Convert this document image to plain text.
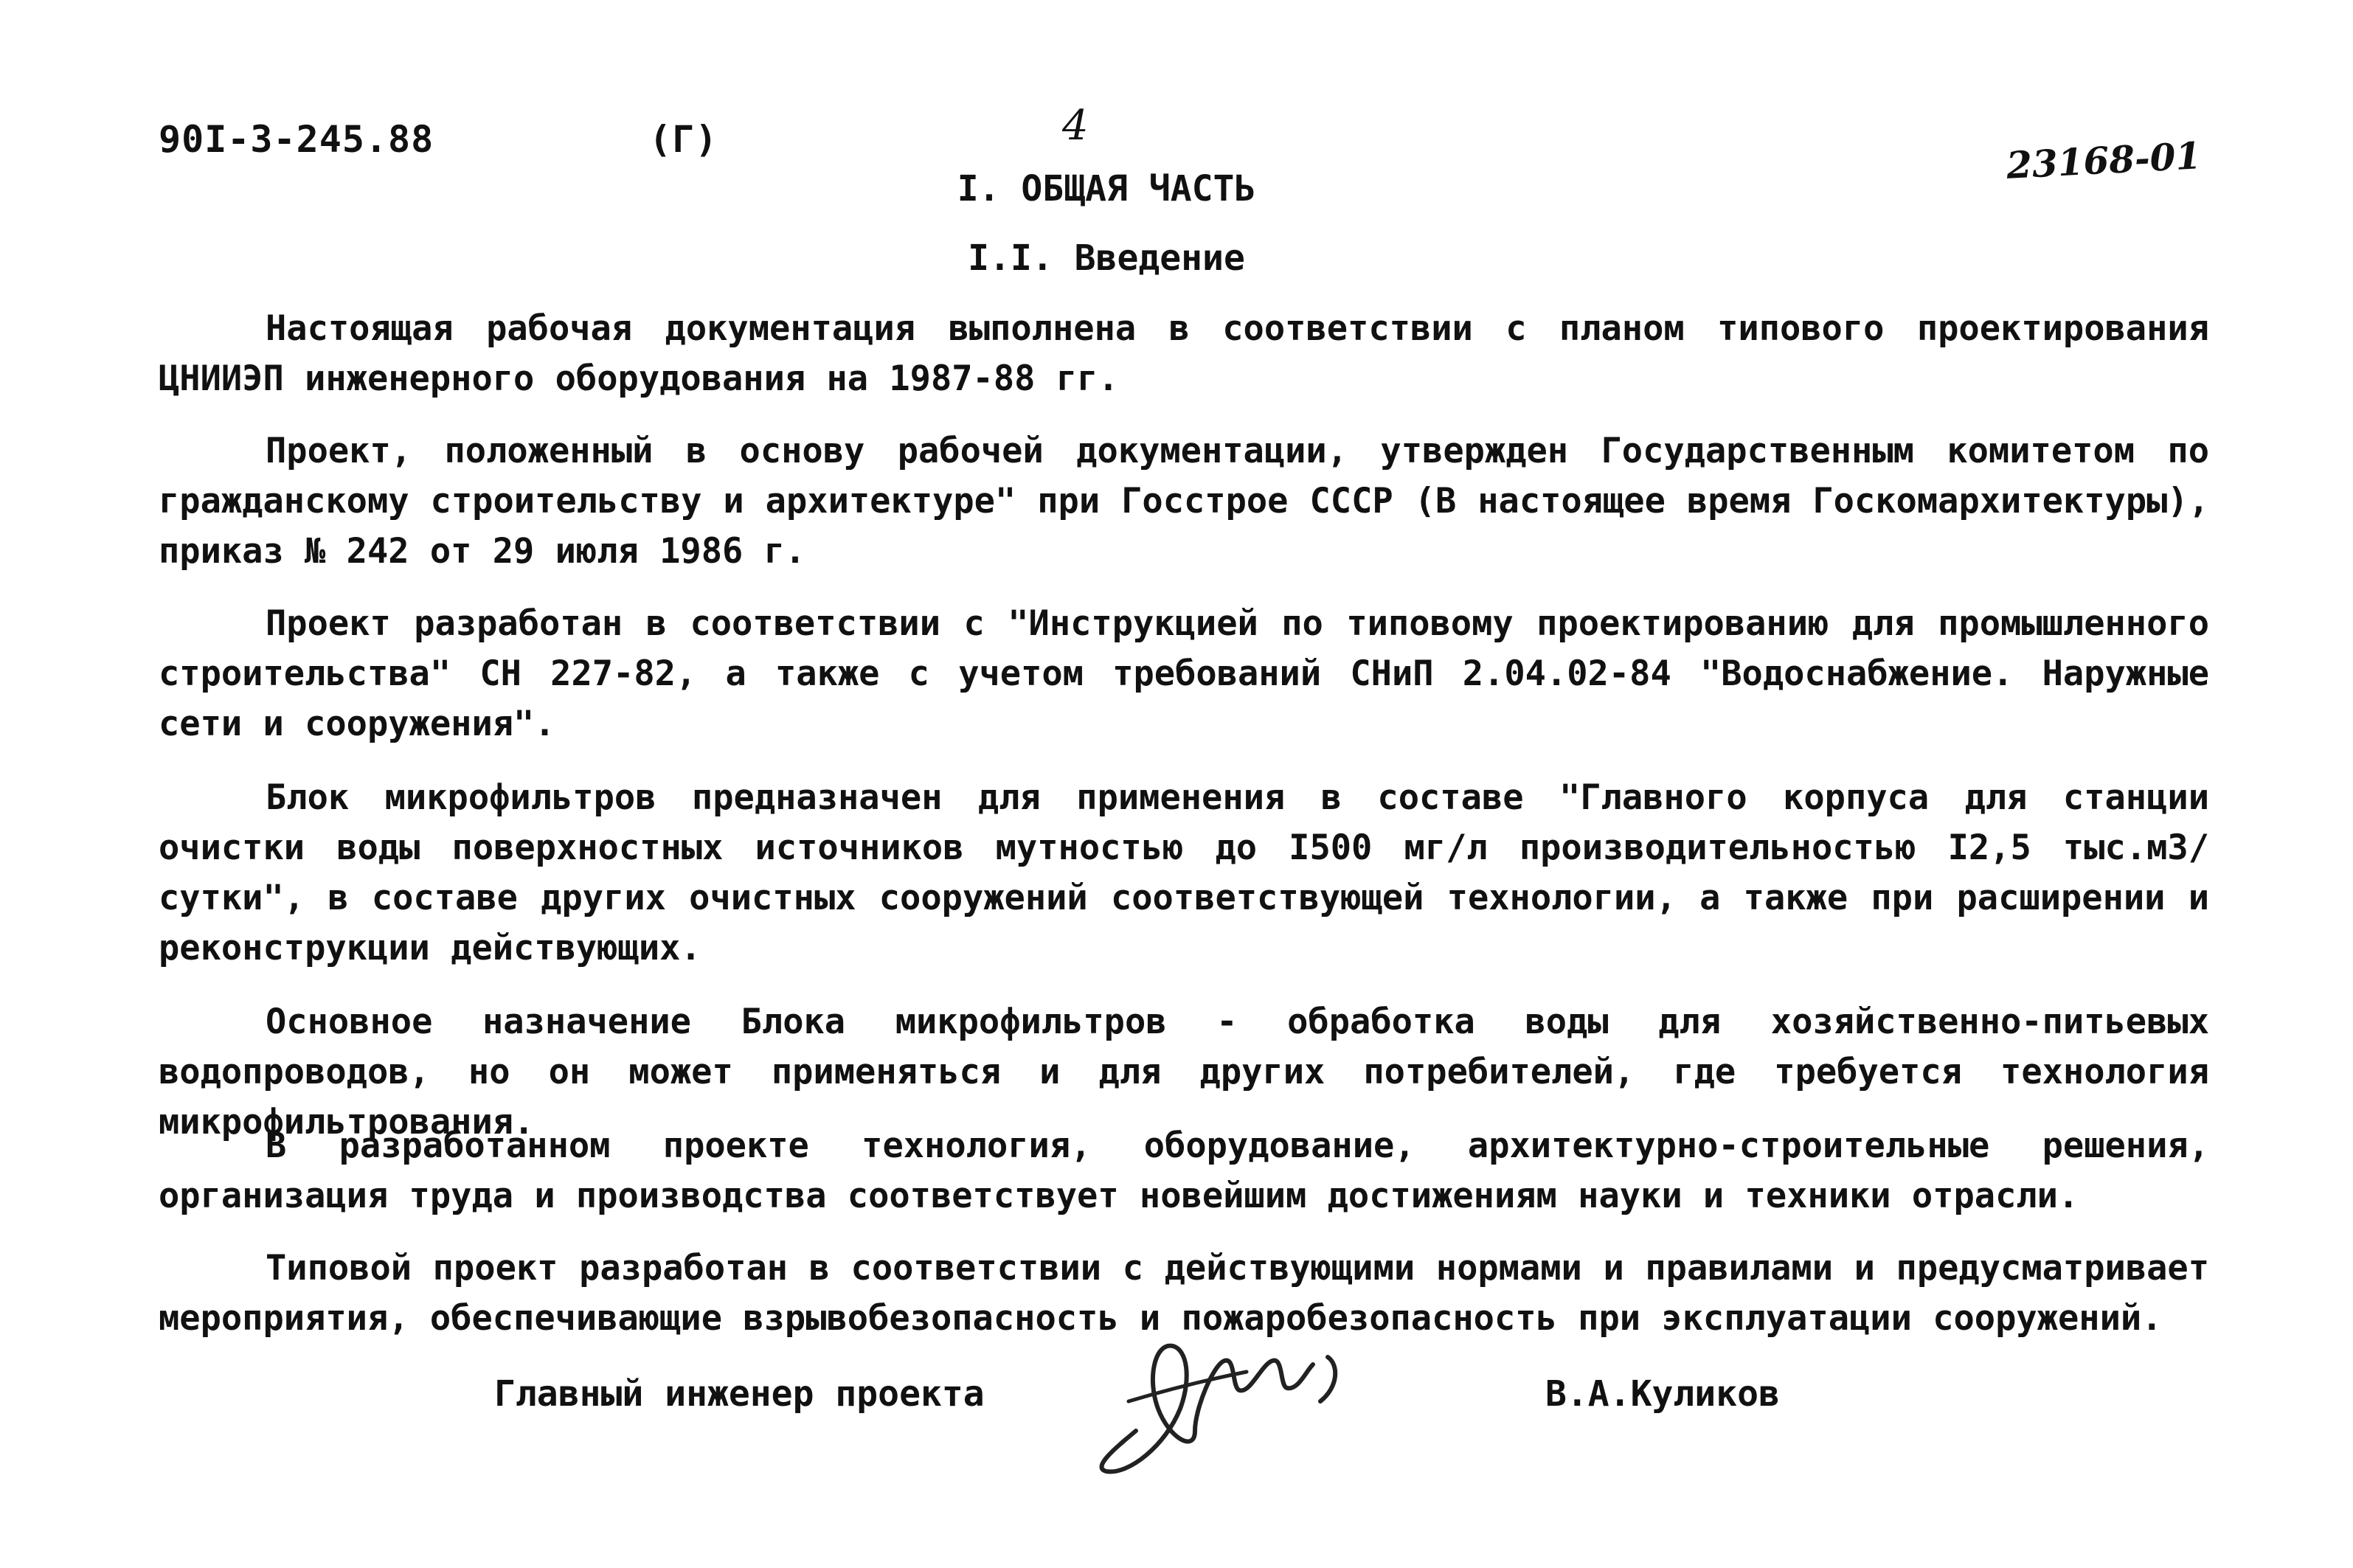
90I-3-245.88	(Г)	4
23168-01
I. ОБЩАЯ ЧАСТЬ
I.I. Введение

Настоящая рабочая документация выполнена в соответствии с планом типового проектирования ЦНИИЭП инженерного оборудования на 1987-88 гг.

Проект, положенный в основу рабочей документации, утвержден Государственным комитетом по гражданскому строительству и архитектуре" при Госстрое СССР (В настоящее время Госкомархитектуры), приказ № 242 от 29 июля 1986 г.

Проект разработан в соответствии с "Инструкцией по типовому проектированию для промышленного строительства" СН 227-82, а также с учетом требований СНиП 2.04.02-84 "Водоснабжение. Наружные сети и сооружения".

Блок микрофильтров предназначен для применения в составе "Главного корпуса для станции очистки воды поверхностных источников мутностью до I500 мг/л производительностью I2,5 тыс.м3/сутки", в составе других очистных сооружений соответствующей технологии, а также при расширении и реконструкции действующих.

Основное назначение Блока микрофильтров - обработка воды для хозяйственно-питьевых водопроводов, но он может применяться и для других потребителей, где требуется технология микрофильтрования.

В разработанном проекте технология, оборудование, архитектурно-строительные решения, организация труда и производства соответствует новейшим достижениям науки и техники отрасли.

Типовой проект разработан в соответствии с действующими нормами и правилами и предусматривает мероприятия, обеспечивающие взрывобезопасность и пожаробезопасность при эксплуатации сооружений.

Главный инженер проекта	В.А.Куликов
